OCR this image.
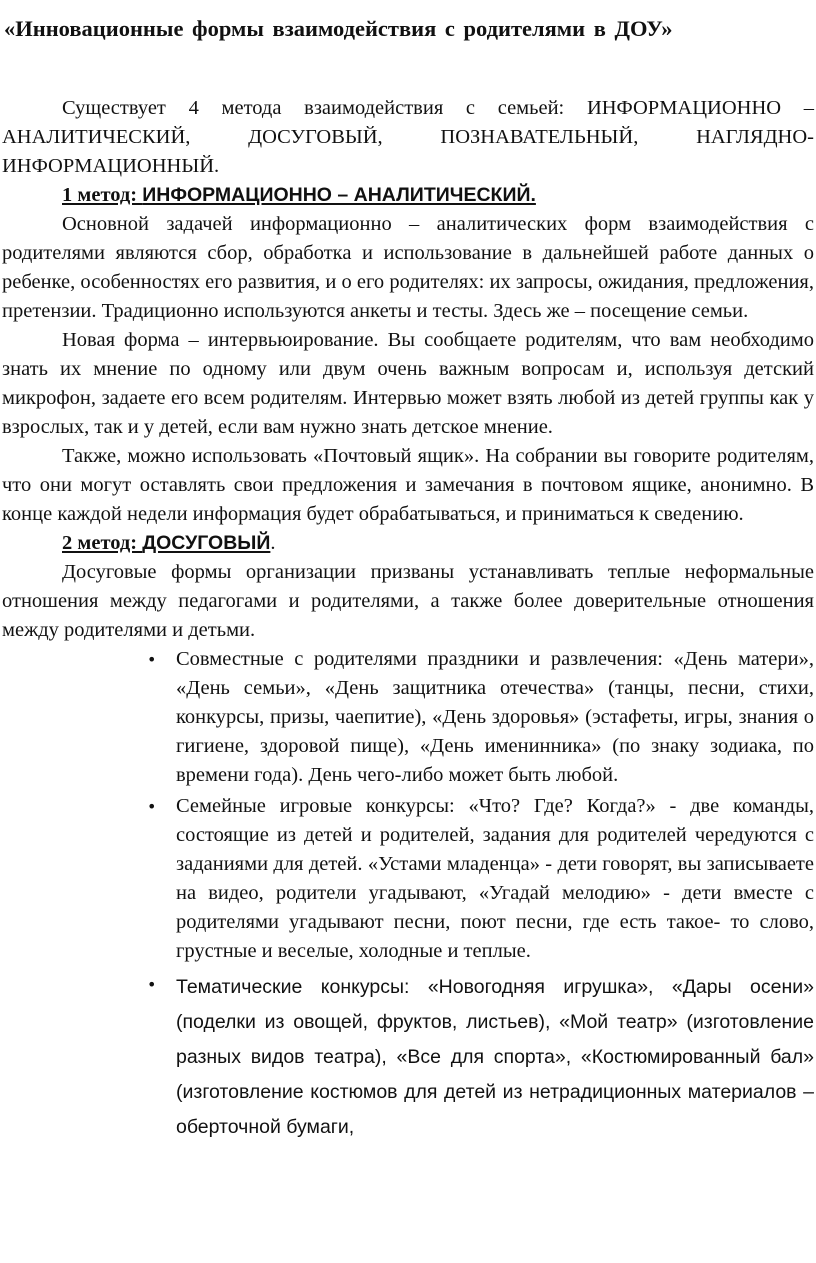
«Инновационные формы взаимодействия с родителями в ДОУ»

Существует 4 метода взаимодействия с семьей: ИНФОРМАЦИОННО – АНАЛИТИЧЕСКИЙ, ДОСУГОВЫЙ, ПОЗНАВАТЕЛЬНЫЙ, НАГЛЯДНО-ИНФОРМАЦИОННЫЙ.

1 метод: ИНФОРМАЦИОННО – АНАЛИТИЧЕСКИЙ.

Основной задачей информационно – аналитических форм взаимодействия с родителями являются сбор, обработка и использование в дальнейшей работе данных о ребенке, особенностях его развития, и о его родителях: их запросы, ожидания, предложения, претензии. Традиционно используются анкеты и тесты. Здесь же – посещение семьи.

Новая форма – интервьюирование. Вы сообщаете родителям, что вам необходимо знать их мнение по одному или двум очень важным вопросам и, используя детский микрофон, задаете его всем родителям. Интервью может взять любой из детей группы как у взрослых, так и у детей, если вам нужно знать детское мнение.

Также, можно использовать «Почтовый ящик». На собрании вы говорите родителям, что они могут оставлять свои предложения и замечания в почтовом ящике, анонимно. В конце каждой недели информация будет обрабатываться, и приниматься к сведению.

2 метод: ДОСУГОВЫЙ.

Досуговые формы организации призваны устанавливать теплые неформальные отношения между педагогами и родителями, а также более доверительные отношения между родителями и детьми.

• Совместные с родителями праздники и развлечения: «День матери», «День семьи», «День защитника отечества» (танцы, песни, стихи, конкурсы, призы, чаепитие), «День здоровья» (эстафеты, игры, знания о гигиене, здоровой пище), «День именинника» (по знаку зодиака, по времени года). День чего-либо может быть любой.
• Семейные игровые конкурсы: «Что? Где? Когда?» - две команды, состоящие из детей и родителей, задания для родителей чередуются с заданиями для детей. «Устами младенца» - дети говорят, вы записываете на видео, родители угадывают, «Угадай мелодию» - дети вместе с родителями угадывают песни, поют песни, где есть такое- то слово, грустные и веселые, холодные и теплые.
• Тематические конкурсы: «Новогодняя игрушка», «Дары осени» (поделки из овощей, фруктов, листьев), «Мой театр» (изготовление разных видов театра), «Все для спорта», «Костюмированный бал» (изготовление костюмов для детей из нетрадиционных материалов – оберточной бумаги,
